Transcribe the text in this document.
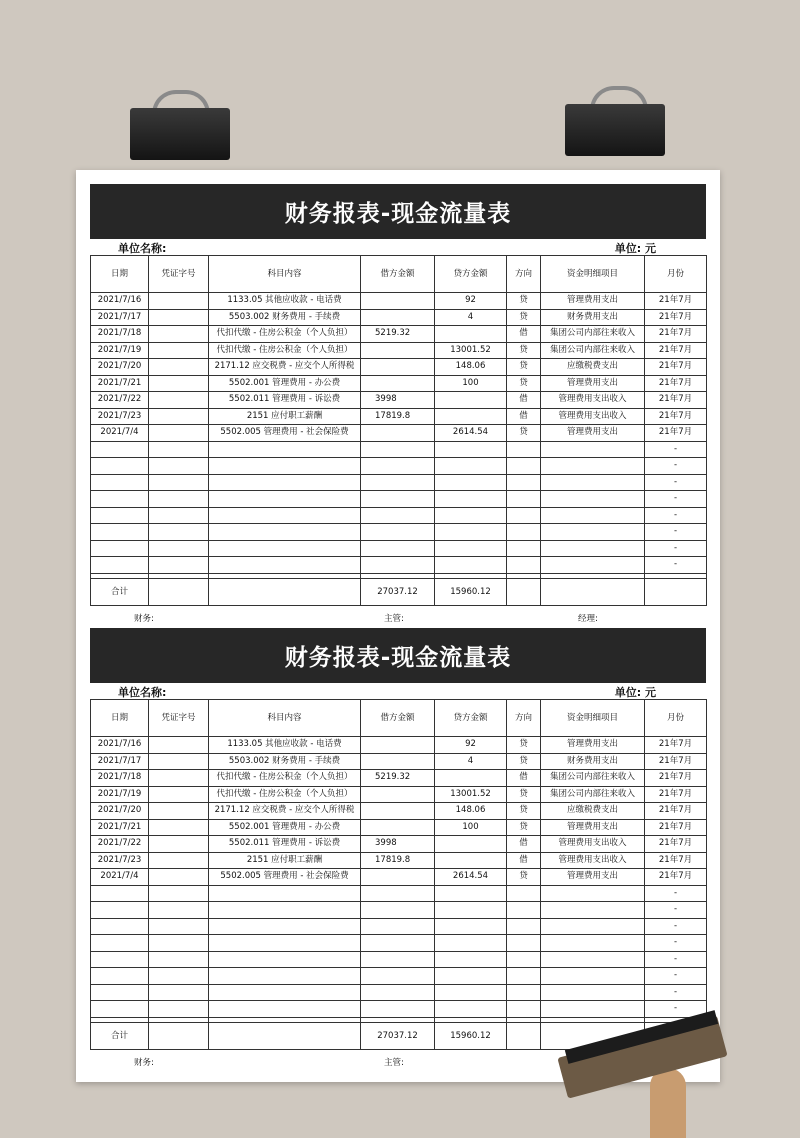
财务报表-现金流量表
单位名称:	单位: 元
日期	凭证字号	科目内容	借方金额	贷方金额	方向	资金明细项目	月份
2021/7/16		1133.05 其他应收款 - 电话费		92	贷	管理费用支出	21年7月
2021/7/17		5503.002 财务费用 - 手续费		4	贷	财务费用支出	21年7月
2021/7/18		代扣代缴 - 住房公积金（个人负担）	5219.32		借	集团公司内部往来收入	21年7月
2021/7/19		代扣代缴 - 住房公积金（个人负担）		13001.52	贷	集团公司内部往来收入	21年7月
2021/7/20		2171.12 应交税费 - 应交个人所得税		148.06	贷	应缴税费支出	21年7月
2021/7/21		5502.001 管理费用 - 办公费		100	贷	管理费用支出	21年7月
2021/7/22		5502.011 管理费用 - 诉讼费	3998		借	管理费用支出收入	21年7月
2021/7/23		2151 应付职工薪酬	17819.8		借	管理费用支出收入	21年7月
2021/7/4		5502.005 管理费用 - 社会保险费		2614.54	贷	管理费用支出	21年7月
							-
							-
							-
							-
							-
							-
							-
							-

合计			27037.12	15960.12			
财务:	主管:	经理:
财务报表-现金流量表
单位名称:	单位: 元
日期	凭证字号	科目内容	借方金额	贷方金额	方向	资金明细项目	月份
2021/7/16		1133.05 其他应收款 - 电话费		92	贷	管理费用支出	21年7月
2021/7/17		5503.002 财务费用 - 手续费		4	贷	财务费用支出	21年7月
2021/7/18		代扣代缴 - 住房公积金（个人负担）	5219.32		借	集团公司内部往来收入	21年7月
2021/7/19		代扣代缴 - 住房公积金（个人负担）		13001.52	贷	集团公司内部往来收入	21年7月
2021/7/20		2171.12 应交税费 - 应交个人所得税		148.06	贷	应缴税费支出	21年7月
2021/7/21		5502.001 管理费用 - 办公费		100	贷	管理费用支出	21年7月
2021/7/22		5502.011 管理费用 - 诉讼费	3998		借	管理费用支出收入	21年7月
2021/7/23		2151 应付职工薪酬	17819.8		借	管理费用支出收入	21年7月
2021/7/4		5502.005 管理费用 - 社会保险费		2614.54	贷	管理费用支出	21年7月
							-
							-
							-
							-
							-
							-
							-
							-

合计			27037.12	15960.12			
财务:	主管:
